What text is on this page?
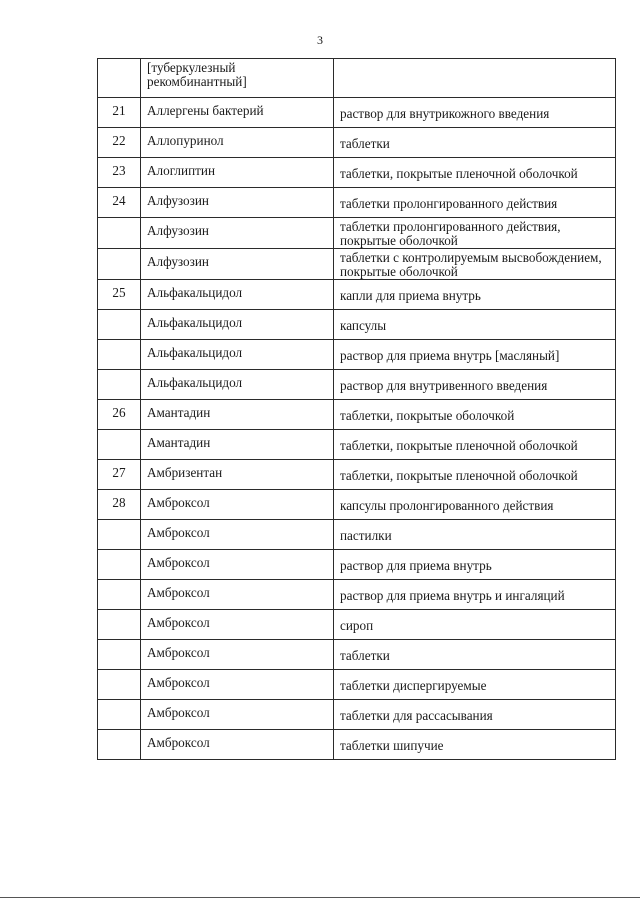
3
	[туберкулезный рекомбинантный]	
21	Аллергены бактерий	раствор для внутрикожного введения
22	Аллопуринол	таблетки
23	Алоглиптин	таблетки, покрытые пленочной оболочкой
24	Алфузозин	таблетки пролонгированного действия
	Алфузозин	таблетки пролонгированного действия, покрытые оболочкой
	Алфузозин	таблетки с контролируемым высвобождением, покрытые оболочкой
25	Альфакальцидол	капли для приема внутрь
	Альфакальцидол	капсулы
	Альфакальцидол	раствор для приема внутрь [масляный]
	Альфакальцидол	раствор для внутривенного введения
26	Амантадин	таблетки, покрытые оболочкой
	Амантадин	таблетки, покрытые пленочной оболочкой
27	Амбризентан	таблетки, покрытые пленочной оболочкой
28	Амброксол	капсулы пролонгированного действия
	Амброксол	пастилки
	Амброксол	раствор для приема внутрь
	Амброксол	раствор для приема внутрь и ингаляций
	Амброксол	сироп
	Амброксол	таблетки
	Амброксол	таблетки диспергируемые
	Амброксол	таблетки для рассасывания
	Амброксол	таблетки шипучие
